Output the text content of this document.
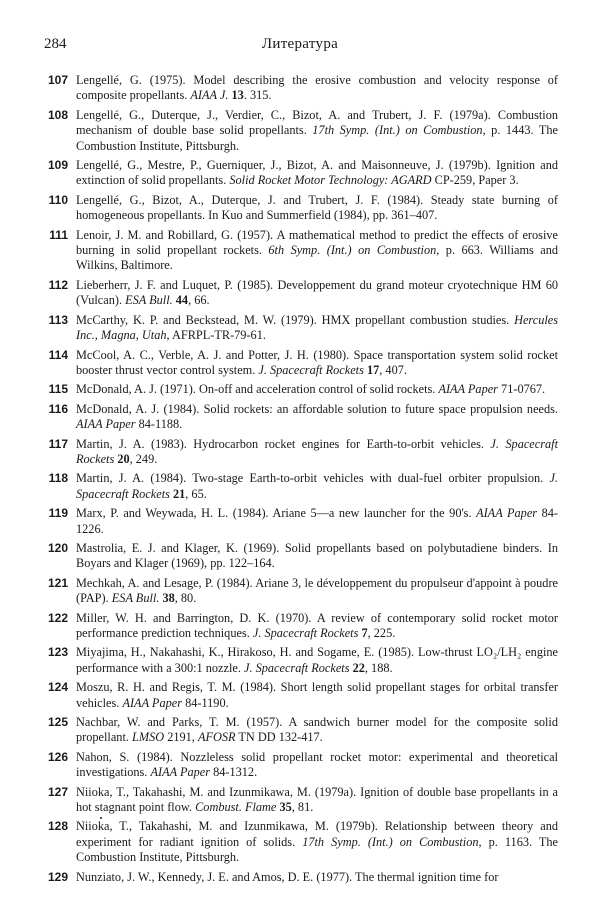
284	Литература
107 Lengellé, G. (1975). Model describing the erosive combustion and velocity response of composite propellants. AIAA J. 13. 315.
108 Lengellé, G., Duterque, J., Verdier, C., Bizot, A. and Trubert, J. F. (1979a). Combustion mechanism of double base solid propellants. 17th Symp. (Int.) on Combustion, p. 1443. The Combustion Institute, Pittsburgh.
109 Lengellé, G., Mestre, P., Guerniquer, J., Bizot, A. and Maisonneuve, J. (1979b). Ignition and extinction of solid propellants. Solid Rocket Motor Technology: AGARD CP-259, Paper 3.
110 Lengellé, G., Bizot, A., Duterque, J. and Trubert, J. F. (1984). Steady state burning of homogeneous propellants. In Kuo and Summerfield (1984), pp. 361–407.
111 Lenoir, J. M. and Robillard, G. (1957). A mathematical method to predict the effects of erosive burning in solid propellant rockets. 6th Symp. (Int.) on Combustion, p. 663. Williams and Wilkins, Baltimore.
112 Lieberherr, J. F. and Luquet, P. (1985). Developpement du grand moteur cryotechnique HM 60 (Vulcan). ESA Bull. 44, 66.
113 McCarthy, K. P. and Beckstead, M. W. (1979). HMX propellant combustion studies. Hercules Inc., Magna, Utah, AFRPL-TR-79-61.
114 McCool, A. C., Verble, A. J. and Potter, J. H. (1980). Space transportation system solid rocket booster thrust vector control system. J. Spacecraft Rockets 17, 407.
115 McDonald, A. J. (1971). On-off and acceleration control of solid rockets. AIAA Paper 71-0767.
116 McDonald, A. J. (1984). Solid rockets: an affordable solution to future space propulsion needs. AIAA Paper 84-1188.
117 Martin, J. A. (1983). Hydrocarbon rocket engines for Earth-to-orbit vehicles. J. Spacecraft Rockets 20, 249.
118 Martin, J. A. (1984). Two-stage Earth-to-orbit vehicles with dual-fuel orbiter propulsion. J. Spacecraft Rockets 21, 65.
119 Marx, P. and Weywada, H. L. (1984). Ariane 5—a new launcher for the 90's. AIAA Paper 84-1226.
120 Mastrolia, E. J. and Klager, K. (1969). Solid propellants based on polybutadiene binders. In Boyars and Klager (1969), pp. 122–164.
121 Mechkah, A. and Lesage, P. (1984). Ariane 3, le développement du propulseur d'appoint à poudre (PAP). ESA Bull. 38, 80.
122 Miller, W. H. and Barrington, D. K. (1970). A review of contemporary solid rocket motor performance prediction techniques. J. Spacecraft Rockets 7, 225.
123 Miyajima, H., Nakahashi, K., Hirakoso, H. and Sogame, E. (1985). Low-thrust LO₂/LH₂ engine performance with a 300:1 nozzle. J. Spacecraft Rockets 22, 188.
124 Moszu, R. H. and Regis, T. M. (1984). Short length solid propellant stages for orbital transfer vehicles. AIAA Paper 84-1190.
125 Nachbar, W. and Parks, T. M. (1957). A sandwich burner model for the composite solid propellant. LMSO 2191, AFOSR TN DD 132-417.
126 Nahon, S. (1984). Nozzleless solid propellant rocket motor: experimental and theoretical investigations. AIAA Paper 84-1312.
127 Niioka, T., Takahashi, M. and Izunmikawa, M. (1979a). Ignition of double base propellants in a hot stagnant point flow. Combust. Flame 35, 81.
128 Niioka, T., Takahashi, M. and Izunmikawa, M. (1979b). Relationship between theory and experiment for radiant ignition of solids. 17th Symp. (Int.) on Combustion, p. 1163. The Combustion Institute, Pittsburgh.
129 Nunziato, J. W., Kennedy, J. E. and Amos, D. E. (1977). The thermal ignition time for
